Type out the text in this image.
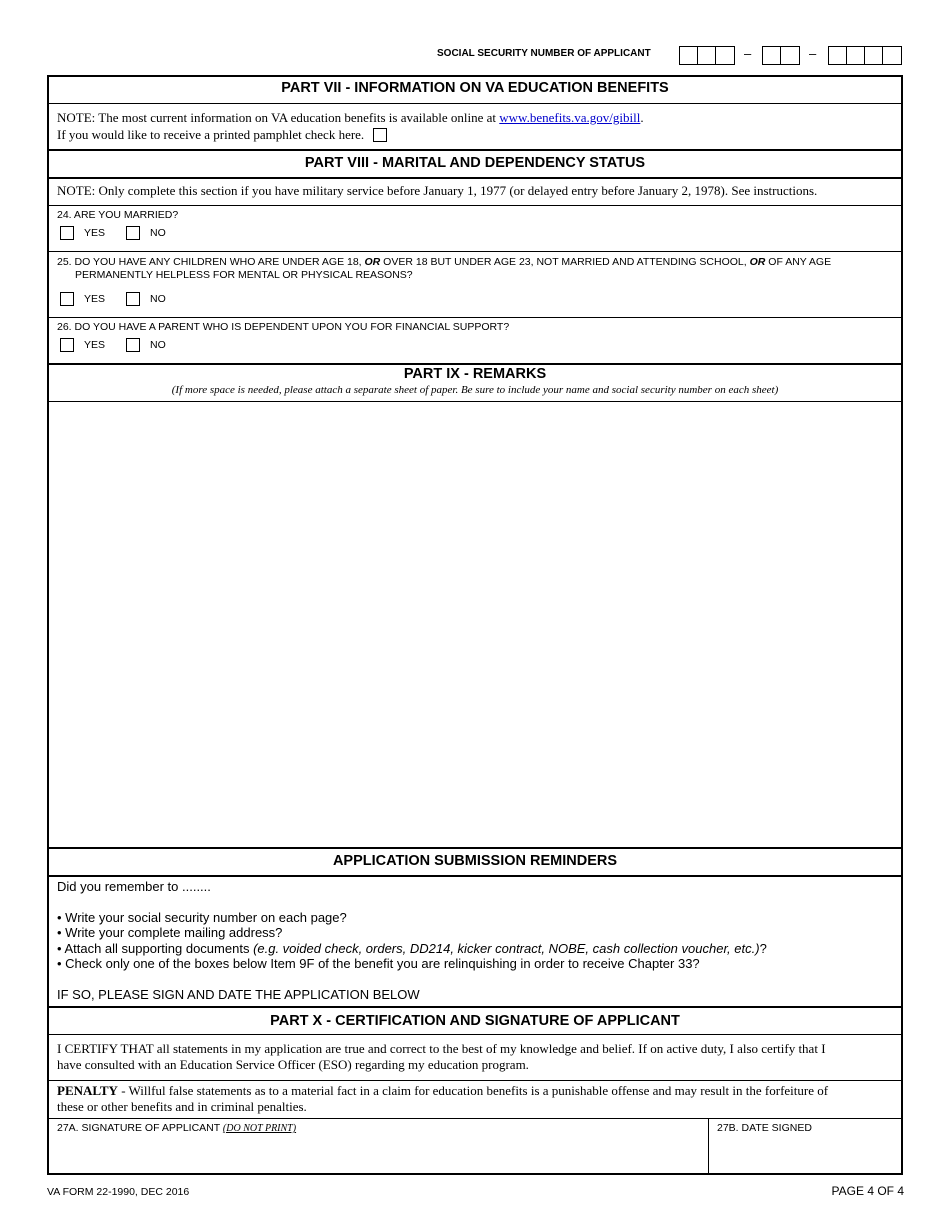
SOCIAL SECURITY NUMBER OF APPLICANT	–	–
PART VII - INFORMATION ON VA EDUCATION BENEFITS
NOTE: The most current information on VA education benefits is available online at www.benefits.va.gov/gibill.
If you would like to receive a printed pamphlet check here.
PART VIII - MARITAL AND DEPENDENCY STATUS
NOTE: Only complete this section if you have military service before January 1, 1977 (or delayed entry before January 2, 1978). See instructions.
24. ARE YOU MARRIED?
YES	NO
25. DO YOU HAVE ANY CHILDREN WHO ARE UNDER AGE 18, OR OVER 18 BUT UNDER AGE 23, NOT MARRIED AND ATTENDING SCHOOL, OR OF ANY AGE
PERMANENTLY HELPLESS FOR MENTAL OR PHYSICAL REASONS?
YES	NO
26. DO YOU HAVE A PARENT WHO IS DEPENDENT UPON YOU FOR FINANCIAL SUPPORT?
YES	NO
PART IX - REMARKS
(If more space is needed, please attach a separate sheet of paper. Be sure to include your name and social security number on each sheet)
APPLICATION SUBMISSION REMINDERS
Did you remember to ........
• Write your social security number on each page?
• Write your complete mailing address?
• Attach all supporting documents (e.g. voided check, orders, DD214, kicker contract, NOBE, cash collection voucher, etc.)?
• Check only one of the boxes below Item 9F of the benefit you are relinquishing in order to receive Chapter 33?
IF SO, PLEASE SIGN AND DATE THE APPLICATION BELOW
PART X - CERTIFICATION AND SIGNATURE OF APPLICANT
I CERTIFY THAT all statements in my application are true and correct to the best of my knowledge and belief. If on active duty, I also certify that I
have consulted with an Education Service Officer (ESO) regarding my education program.
PENALTY - Willful false statements as to a material fact in a claim for education benefits is a punishable offense and may result in the forfeiture of
these or other benefits and in criminal penalties.
27A. SIGNATURE OF APPLICANT (DO NOT PRINT)	27B. DATE SIGNED
VA FORM 22-1990, DEC 2016	PAGE 4 OF 4
